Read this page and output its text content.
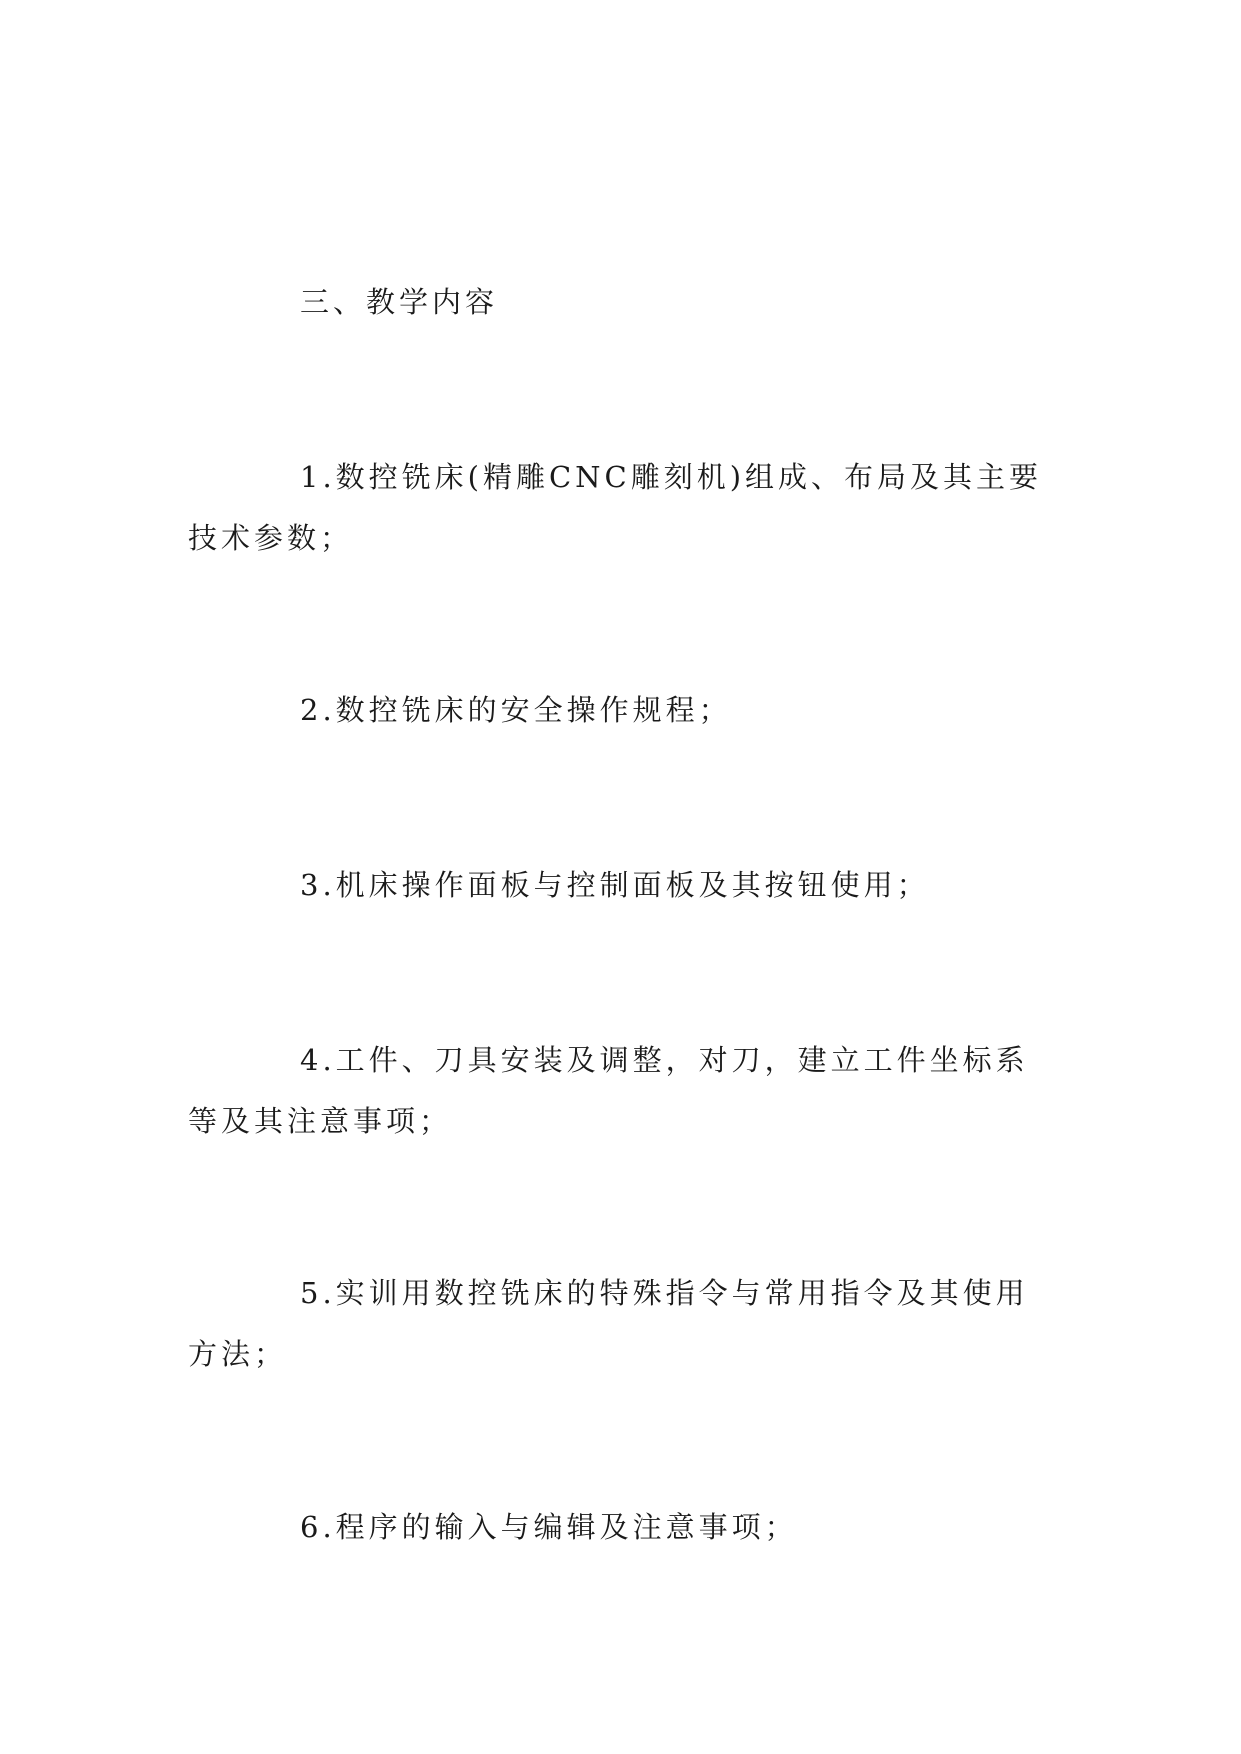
三、教学内容

1.数控铣床(精雕CNC雕刻机)组成、布局及其主要技术参数；

2.数控铣床的安全操作规程；

3.机床操作面板与控制面板及其按钮使用；

4.工件、刀具安装及调整，对刀，建立工件坐标系等及其注意事项；

5.实训用数控铣床的特殊指令与常用指令及其使用方法；

6.程序的输入与编辑及注意事项；
